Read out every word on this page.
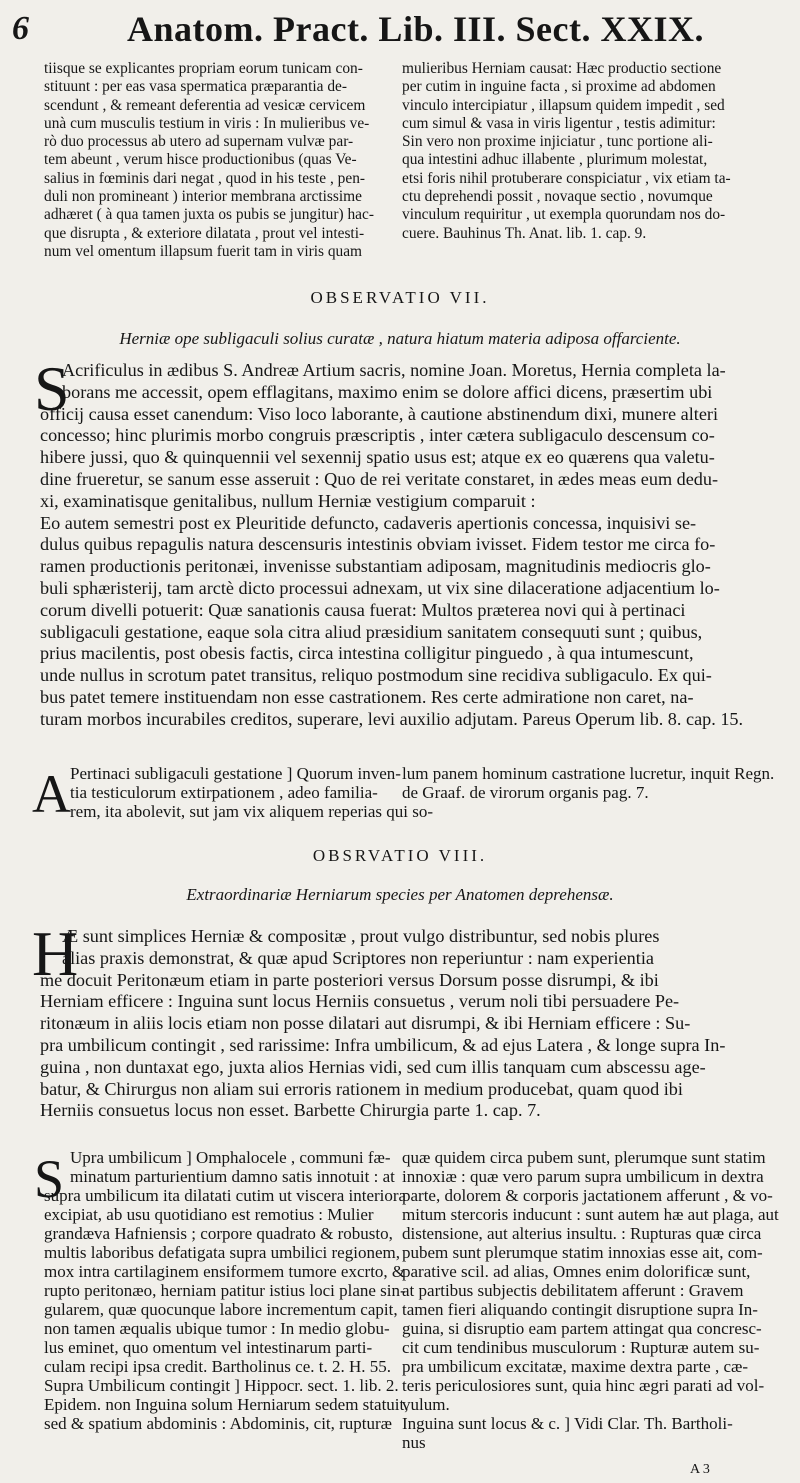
6	Anatom. Pract. Lib. III. Sect. XXIX.
tiisque se explicantes propriam eorum tunicam con-
stituunt : per eas vasa spermatica præparantia de-
scendunt , & remeant deferentia ad vesicæ cervicem
unà cum musculis testium in viris : In mulieribus ve-
rò duo processus ab utero ad supernam vulvæ par-
tem abeunt , verum hisce productionibus (quas Ve-
salius in fœminis dari negat , quod in his teste , pen-
duli non promineant ) interior membrana arctissime
adhæret ( à qua tamen juxta os pubis se jungitur) hac-
que disrupta , & exteriore dilatata , prout vel intesti-
num vel omentum illapsum fuerit tam in viris quam
mulieribus Herniam causat: Hæc productio sectione
per cutim in inguine facta , si proxime ad abdomen
vinculo intercipiatur , illapsum quidem impedit , sed
cum simul & vasa in viris ligentur , testis adimitur:
Sin vero non proxime injiciatur , tunc portione ali-
qua intestini adhuc illabente , plurimum molestat,
etsi foris nihil protuberare conspiciatur , vix etiam ta-
ctu deprehendi possit , novaque sectio , novumque
vinculum requiritur , ut exempla quorundam nos do-
cuere. Bauhinus Th. Anat. lib. 1. cap. 9.
OBSERVATIO VII.
Herniæ ope subligaculi solius curatæ , natura hiatum materia adiposa offarciente.
S
Acrificulus in ædibus S. Andreæ Artium sacris, nomine Joan. Moretus, Hernia completa la-
borans me accessit, opem efflagitans, maximo enim se dolore affici dicens, præsertim ubi
officij causa esset canendum: Viso loco laborante, à cautione abstinendum dixi, munere alteri
concesso; hinc plurimis morbo congruis præscriptis , inter cætera subligaculo descensum co-
hibere jussi, quo & quinquennii vel sexennij spatio usus est; atque ex eo quærens qua valetu-
dine frueretur, se sanum esse asseruit : Quo de rei veritate constaret, in ædes meas eum dedu-
xi, examinatisque genitalibus, nullum Herniæ vestigium comparuit :
Eo autem semestri post ex Pleuritide defuncto, cadaveris apertionis concessa, inquisivi se-
dulus quibus repagulis natura descensuris intestinis obviam ivisset. Fidem testor me circa fo-
ramen productionis peritonæi, invenisse substantiam adiposam, magnitudinis mediocris glo-
buli sphæristerij, tam arctè dicto processui adnexam, ut vix sine dilaceratione adjacentium lo-
corum divelli potuerit: Quæ sanationis causa fuerat: Multos præterea novi qui à pertinaci
subligaculi gestatione, eaque sola citra aliud præsidium sanitatem consequuti sunt ; quibus,
prius macilentis, post obesis factis, circa intestina colligitur pinguedo , à qua intumescunt,
unde nullus in scrotum patet transitus, reliquo postmodum sine recidiva subligaculo. Ex qui-
bus patet temere instituendam non esse castrationem. Res certe admiratione non caret, na-
turam morbos incurabiles creditos, superare, levi auxilio adjutam. Pareus Operum lib. 8. cap. 15.
A Pertinaci subligaculi gestatione ] Quorum inven-
tia testiculorum extirpationem , adeo familia-
rem, ita abolevit, sut jam vix aliquem reperias qui so-
lum panem hominum castratione lucretur, inquit Regn.
de Graaf. de virorum organis pag. 7.
OBSRVATIO VIII.
Extraordinariæ Herniarum species per Anatomen deprehensæ.
H
Æ sunt simplices Herniæ & compositæ , prout vulgo distribuntur, sed nobis plures
alias praxis demonstrat, & quæ apud Scriptores non reperiuntur : nam experientia
me docuit Peritonæum etiam in parte posteriori versus Dorsum posse disrumpi, & ibi
Herniam efficere : Inguina sunt locus Herniis consuetus , verum noli tibi persuadere Pe-
ritonæum in aliis locis etiam non posse dilatari aut disrumpi, & ibi Herniam efficere : Su-
pra umbilicum contingit , sed rarissime: Infra umbilicum, & ad ejus Latera , & longe supra In-
guina , non duntaxat ego, juxta alios Hernias vidi, sed cum illis tanquam cum abscessu age-
batur, & Chirurgus non aliam sui erroris rationem in medium producebat, quam quod ibi
Herniis consuetus locus non esset. Barbette Chirurgia parte 1. cap. 7.
S Upra umbilicum ] Omphalocele , communi fæ-
minatum parturientium damno satis innotuit : at
supra umbilicum ita dilatati cutim ut viscera interiora
excipiat, ab usu quotidiano est remotius : Mulier
grandæva Hafniensis ; corpore quadrato & robusto,
multis laboribus defatigata supra umbilici regionem,
mox intra cartilaginem ensiformem tumore excrto, &
rupto peritonæo, herniam patitur istius loci plane sin-
gularem, quæ quocunque labore incrementum capit,
non tamen æqualis ubique tumor : In medio globu-
lus eminet, quo omentum vel intestinarum parti-
culam recipi ipsa credit. Bartholinus ce. t. 2. H. 55.
Supra Umbilicum contingit ] Hippocr. sect. 1. lib. 2.
Epidem. non Inguina solum Herniarum sedem statuit,
sed & spatium abdominis : Abdominis, cit, rupturæ
quæ quidem circa pubem sunt, plerumque sunt statim
innoxiæ : quæ vero parum supra umbilicum in dextra
parte, dolorem & corporis jactationem afferunt , & vo-
mitum stercoris inducunt : sunt autem hæ aut plaga, aut
distensione, aut alterius insultu. : Rupturas quæ circa
pubem sunt plerumque statim innoxias esse ait, com-
parative scil. ad alias, Omnes enim dolorificæ sunt,
at partibus subjectis debilitatem afferunt : Gravem
tamen fieri aliquando contingit disruptione supra In-
guina, si disruptio eam partem attingat qua concresc-
cit cum tendinibus musculorum : Rupturæ autem su-
pra umbilicum excitatæ, maxime dextra parte , cæ-
teris periculosiores sunt, quia hinc ægri parati ad vol-
vulum.
Inguina sunt locus & c. ] Vidi Clar. Th. Bartholi-
nus
A 3
